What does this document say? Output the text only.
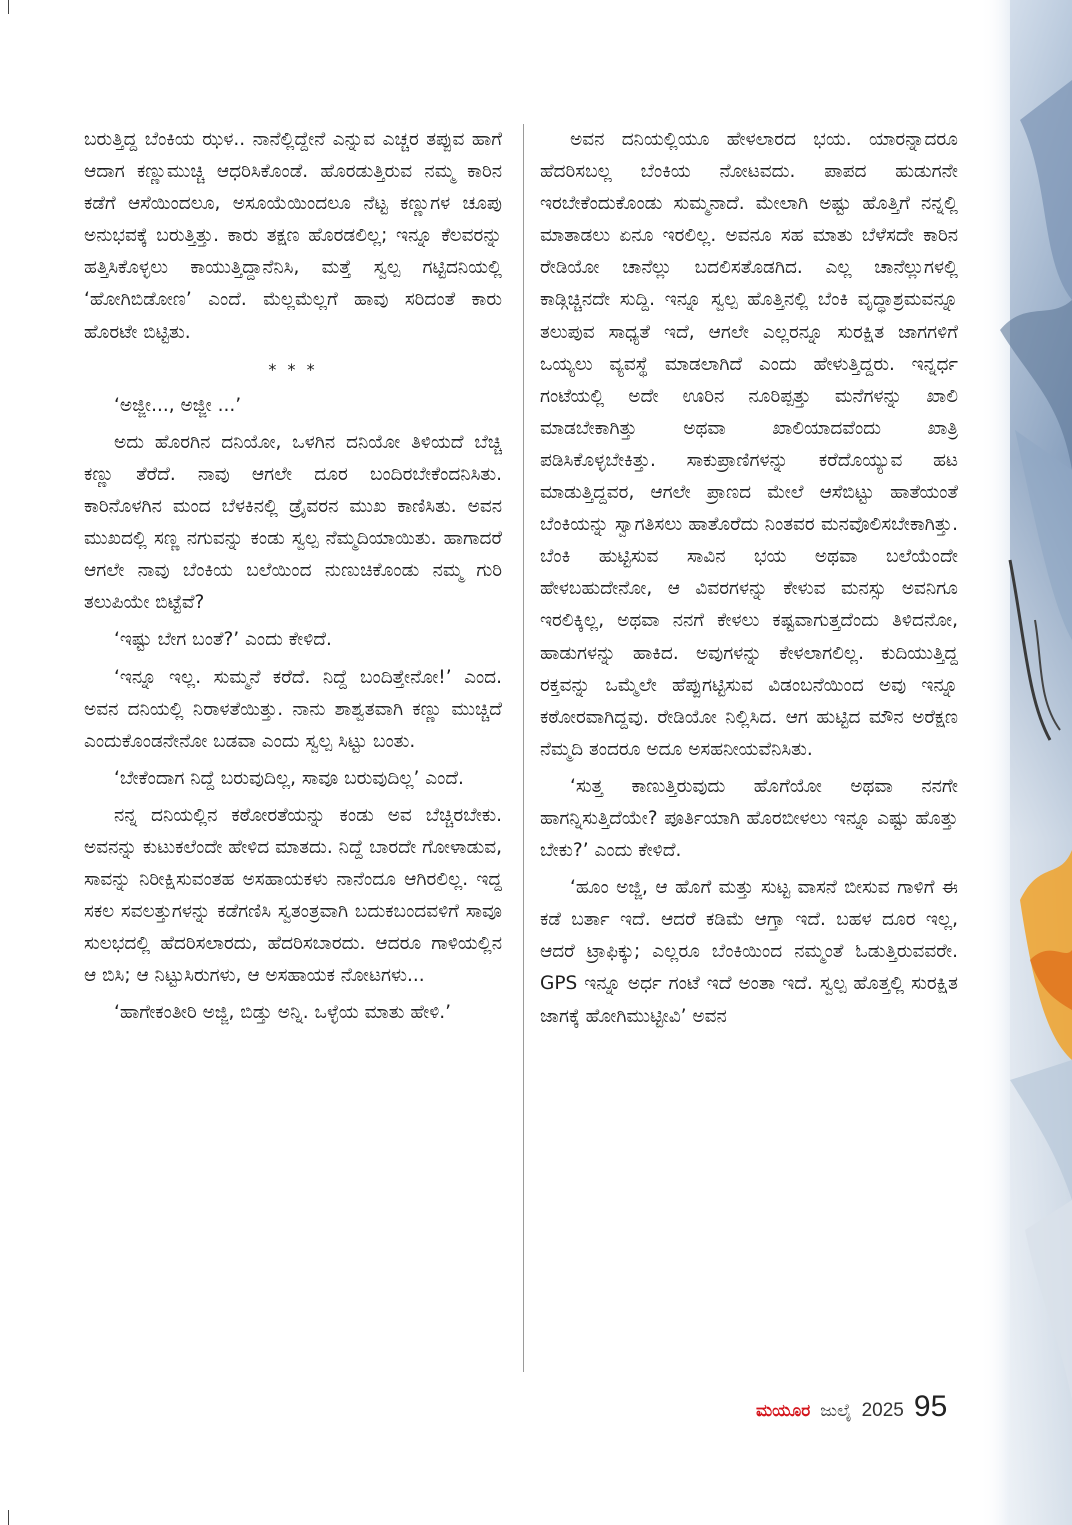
ಬರುತ್ತಿದ್ದ ಬೆಂಕಿಯ ಝಳ.. ನಾನೆಲ್ಲಿದ್ದೇನೆ ಎನ್ನುವ ಎಚ್ಚರ ತಪ್ಪುವ ಹಾಗೆ ಆದಾಗ ಕಣ್ಣುಮುಚ್ಚಿ ಆಧರಿಸಿಕೊಂಡೆ. ಹೊರಡುತ್ತಿರುವ ನಮ್ಮ ಕಾರಿನ ಕಡೆಗೆ ಆಸೆಯಿಂದಲೂ, ಅಸೂಯೆಯಿಂದಲೂ ನೆಟ್ಟ ಕಣ್ಣುಗಳ ಚೂಪು ಅನುಭವಕ್ಕೆ ಬರುತ್ತಿತ್ತು. ಕಾರು ತಕ್ಷಣ ಹೊರಡಲಿಲ್ಲ; ಇನ್ನೂ ಕೆಲವರನ್ನು ಹತ್ತಿಸಿಕೊಳ್ಳಲು ಕಾಯುತ್ತಿದ್ದಾನೆನಿಸಿ, ಮತ್ತೆ ಸ್ವಲ್ಪ ಗಟ್ಟಿದನಿಯಲ್ಲಿ ‘ಹೋಗಿಬಿಡೋಣ’ ಎಂದೆ. ಮೆಲ್ಲಮೆಲ್ಲಗೆ ಹಾವು ಸರಿದಂತೆ ಕಾರು ಹೊರಟೇ ಬಿಟ್ಟಿತು.

* * *

‘ಅಜ್ಜೀ..., ಅಜ್ಜೀ ...’

ಅದು ಹೊರಗಿನ ದನಿಯೋ, ಒಳಗಿನ ದನಿಯೋ ತಿಳಿಯದೆ ಬೆಚ್ಚಿ ಕಣ್ಣು ತೆರೆದೆ. ನಾವು ಆಗಲೇ ದೂರ ಬಂದಿರಬೇಕೆಂದನಿಸಿತು. ಕಾರಿನೊಳಗಿನ ಮಂದ ಬೆಳಕಿನಲ್ಲಿ ಡ್ರೈವರನ ಮುಖ ಕಾಣಿಸಿತು. ಅವನ ಮುಖದಲ್ಲಿ ಸಣ್ಣ ನಗುವನ್ನು ಕಂಡು ಸ್ವಲ್ಪ ನೆಮ್ಮದಿಯಾಯಿತು. ಹಾಗಾದರೆ ಆಗಲೇ ನಾವು ಬೆಂಕಿಯ ಬಲೆಯಿಂದ ನುಣುಚಿಕೊಂಡು ನಮ್ಮ ಗುರಿ ತಲುಪಿಯೇ ಬಿಟ್ಟೆವೆ?

‘ಇಷ್ಟು ಬೇಗ ಬಂತೆ?’ ಎಂದು ಕೇಳಿದೆ.

‘ಇನ್ನೂ ಇಲ್ಲ. ಸುಮ್ಮನೆ ಕರೆದೆ. ನಿದ್ದೆ ಬಂದಿತ್ತೇನೋ!’ ಎಂದ. ಅವನ ದನಿಯಲ್ಲಿ ನಿರಾಳತೆಯಿತ್ತು. ನಾನು ಶಾಶ್ವತವಾಗಿ ಕಣ್ಣು ಮುಚ್ಚಿದೆ ಎಂದುಕೊಂಡನೇನೋ ಬಡವಾ ಎಂದು ಸ್ವಲ್ಪ ಸಿಟ್ಟು ಬಂತು.

‘ಬೇಕೆಂದಾಗ ನಿದ್ದೆ ಬರುವುದಿಲ್ಲ, ಸಾವೂ ಬರುವುದಿಲ್ಲ’ ಎಂದೆ.

ನನ್ನ ದನಿಯಲ್ಲಿನ ಕಠೋರತೆಯನ್ನು ಕಂಡು ಅವ ಬೆಚ್ಚಿರಬೇಕು. ಅವನನ್ನು ಕುಟುಕಲೆಂದೇ ಹೇಳಿದ ಮಾತದು. ನಿದ್ದೆ ಬಾರದೇ ಗೋಳಾಡುವ, ಸಾವನ್ನು ನಿರೀಕ್ಷಿಸುವಂತಹ ಅಸಹಾಯಕಳು ನಾನೆಂದೂ ಆಗಿರಲಿಲ್ಲ. ಇದ್ದ ಸಕಲ ಸವಲತ್ತುಗಳನ್ನು ಕಡೆಗಣಿಸಿ ಸ್ವತಂತ್ರವಾಗಿ ಬದುಕಬಂದವಳಿಗೆ ಸಾವೂ ಸುಲಭದಲ್ಲಿ ಹೆದರಿಸಲಾರದು, ಹೆದರಿಸಬಾರದು. ಆದರೂ ಗಾಳಿಯಲ್ಲಿನ ಆ ಬಿಸಿ; ಆ ನಿಟ್ಟುಸಿರುಗಳು, ಆ ಅಸಹಾಯಕ ನೋಟಗಳು...

‘ಹಾಗೇಕಂತೀರಿ ಅಜ್ಜಿ, ಬಿಡ್ತು ಅನ್ನಿ. ಒಳ್ಳೆಯ ಮಾತು ಹೇಳಿ.’

ಅವನ ದನಿಯಲ್ಲಿಯೂ ಹೇಳಲಾರದ ಭಯ. ಯಾರನ್ನಾದರೂ ಹೆದರಿಸಬಲ್ಲ ಬೆಂಕಿಯ ನೋಟವದು. ಪಾಪದ ಹುಡುಗನೇ ಇರಬೇಕೆಂದುಕೊಂಡು ಸುಮ್ಮನಾದೆ. ಮೇಲಾಗಿ ಅಷ್ಟು ಹೊತ್ತಿಗೆ ನನ್ನಲ್ಲಿ ಮಾತಾಡಲು ಏನೂ ಇರಲಿಲ್ಲ. ಅವನೂ ಸಹ ಮಾತು ಬೆಳೆಸದೇ ಕಾರಿನ ರೇಡಿಯೋ ಚಾನೆಲ್ಲು ಬದಲಿಸತೊಡಗಿದ. ಎಲ್ಲ ಚಾನೆಲ್ಲುಗಳಲ್ಲಿ ಕಾಡ್ಗಿಚ್ಚಿನದೇ ಸುದ್ದಿ. ಇನ್ನೂ ಸ್ವಲ್ಪ ಹೊತ್ತಿನಲ್ಲಿ ಬೆಂಕಿ ವೃದ್ಧಾಶ್ರಮವನ್ನೂ ತಲುಪುವ ಸಾಧ್ಯತೆ ಇದೆ, ಆಗಲೇ ಎಲ್ಲರನ್ನೂ ಸುರಕ್ಷಿತ ಜಾಗಗಳಿಗೆ ಒಯ್ಯಲು ವ್ಯವಸ್ಥೆ ಮಾಡಲಾಗಿದೆ ಎಂದು ಹೇಳುತ್ತಿದ್ದರು. ಇನ್ನರ್ಧ ಗಂಟೆಯಲ್ಲಿ ಅದೇ ಊರಿನ ನೂರಿಪ್ಪತ್ತು ಮನೆಗಳನ್ನು ಖಾಲಿ ಮಾಡಬೇಕಾಗಿತ್ತು ಅಥವಾ ಖಾಲಿಯಾದವೆಂದು ಖಾತ್ರಿ ಪಡಿಸಿಕೊಳ್ಳಬೇಕಿತ್ತು. ಸಾಕುಪ್ರಾಣಿಗಳನ್ನು ಕರೆದೊಯ್ಯುವ ಹಟ ಮಾಡುತ್ತಿದ್ದವರ, ಆಗಲೇ ಪ್ರಾಣದ ಮೇಲೆ ಆಸೆಬಿಟ್ಟು ಹಾತೆಯಂತೆ ಬೆಂಕಿಯನ್ನು ಸ್ವಾಗತಿಸಲು ಹಾತೊರೆದು ನಿಂತವರ ಮನವೊಲಿಸಬೇಕಾಗಿತ್ತು. ಬೆಂಕಿ ಹುಟ್ಟಿಸುವ ಸಾವಿನ ಭಯ ಅಥವಾ ಬಲೆಯೆಂದೇ ಹೇಳಬಹುದೇನೋ, ಆ ವಿವರಗಳನ್ನು ಕೇಳುವ ಮನಸ್ಸು ಅವನಿಗೂ ಇರಲಿಕ್ಕಿಲ್ಲ, ಅಥವಾ ನನಗೆ ಕೇಳಲು ಕಷ್ಟವಾಗುತ್ತದೆಂದು ತಿಳಿದನೋ, ಹಾಡುಗಳನ್ನು ಹಾಕಿದ. ಅವುಗಳನ್ನು ಕೇಳಲಾಗಲಿಲ್ಲ. ಕುದಿಯುತ್ತಿದ್ದ ರಕ್ತವನ್ನು ಒಮ್ಮೆಲೇ ಹೆಪ್ಪುಗಟ್ಟಿಸುವ ವಿಡಂಬನೆಯಿಂದ ಅವು ಇನ್ನೂ ಕಠೋರವಾಗಿದ್ದವು. ರೇಡಿಯೋ ನಿಲ್ಲಿಸಿದ. ಆಗ ಹುಟ್ಟಿದ ಮೌನ ಅರೆಕ್ಷಣ ನೆಮ್ಮದಿ ತಂದರೂ ಅದೂ ಅಸಹನೀಯವೆನಿಸಿತು.

‘ಸುತ್ತ ಕಾಣುತ್ತಿರುವುದು ಹೊಗೆಯೋ ಅಥವಾ ನನಗೇ ಹಾಗನ್ನಿಸುತ್ತಿದೆಯೇ? ಪೂರ್ತಿಯಾಗಿ ಹೊರಬೀಳಲು ಇನ್ನೂ ಎಷ್ಟು ಹೊತ್ತು ಬೇಕು?’ ಎಂದು ಕೇಳಿದೆ.

‘ಹೂಂ ಅಜ್ಜಿ, ಆ ಹೊಗೆ ಮತ್ತು ಸುಟ್ಟ ವಾಸನೆ ಬೀಸುವ ಗಾಳಿಗೆ ಈ ಕಡೆ ಬರ್ತಾ ಇದೆ. ಆದರೆ ಕಡಿಮೆ ಆಗ್ತಾ ಇದೆ. ಬಹಳ ದೂರ ಇಲ್ಲ, ಆದರೆ ಟ್ರಾಫಿಕ್ಕು; ಎಲ್ಲರೂ ಬೆಂಕಿಯಿಂದ ನಮ್ಮಂತೆ ಓಡುತ್ತಿರುವವರೇ. GPS ಇನ್ನೂ ಅರ್ಧ ಗಂಟೆ ಇದೆ ಅಂತಾ ಇದೆ. ಸ್ವಲ್ಪ ಹೊತ್ತಲ್ಲಿ ಸುರಕ್ಷಿತ ಜಾಗಕ್ಕೆ ಹೋಗಿಮುಟ್ಟೀವಿ’ ಅವನ

ಮಯೂರ ಜುಲೈ 2025 95
